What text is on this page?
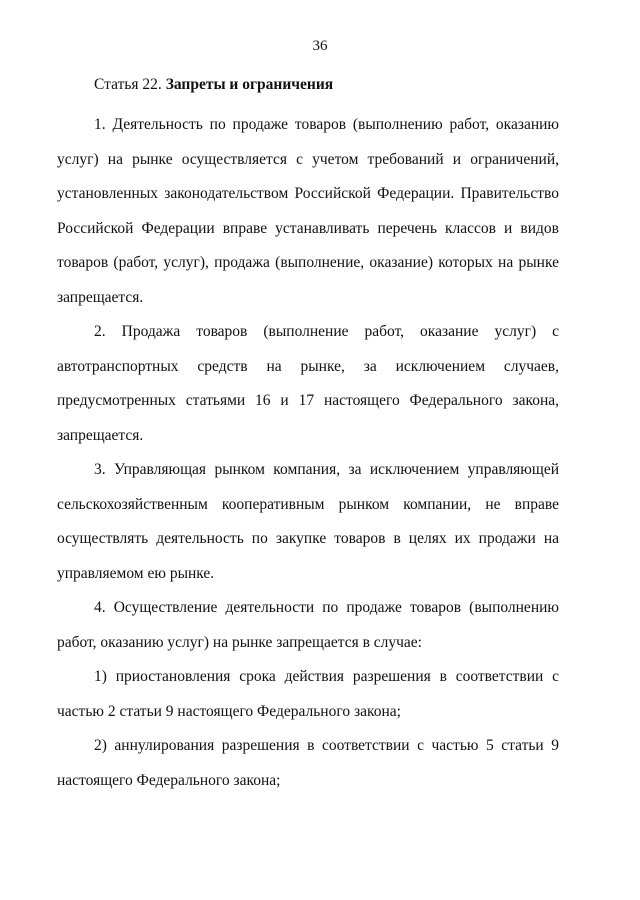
36
Статья 22. Запреты и ограничения

1. Деятельность по продаже товаров (выполнению работ, оказанию услуг) на рынке осуществляется с учетом требований и ограничений, установленных законодательством Российской Федерации. Правительство Российской Федерации вправе устанавливать перечень классов и видов товаров (работ, услуг), продажа (выполнение, оказание) которых на рынке запрещается.

2. Продажа товаров (выполнение работ, оказание услуг) с автотранспортных средств на рынке, за исключением случаев, предусмотренных статьями 16 и 17 настоящего Федерального закона, запрещается.

3. Управляющая рынком компания, за исключением управляющей сельскохозяйственным кооперативным рынком компании, не вправе осуществлять деятельность по закупке товаров в целях их продажи на управляемом ею рынке.

4. Осуществление деятельности по продаже товаров (выполнению работ, оказанию услуг) на рынке запрещается в случае:

1) приостановления срока действия разрешения в соответствии с частью 2 статьи 9 настоящего Федерального закона;

2) аннулирования разрешения в соответствии с частью 5 статьи 9 настоящего Федерального закона;
